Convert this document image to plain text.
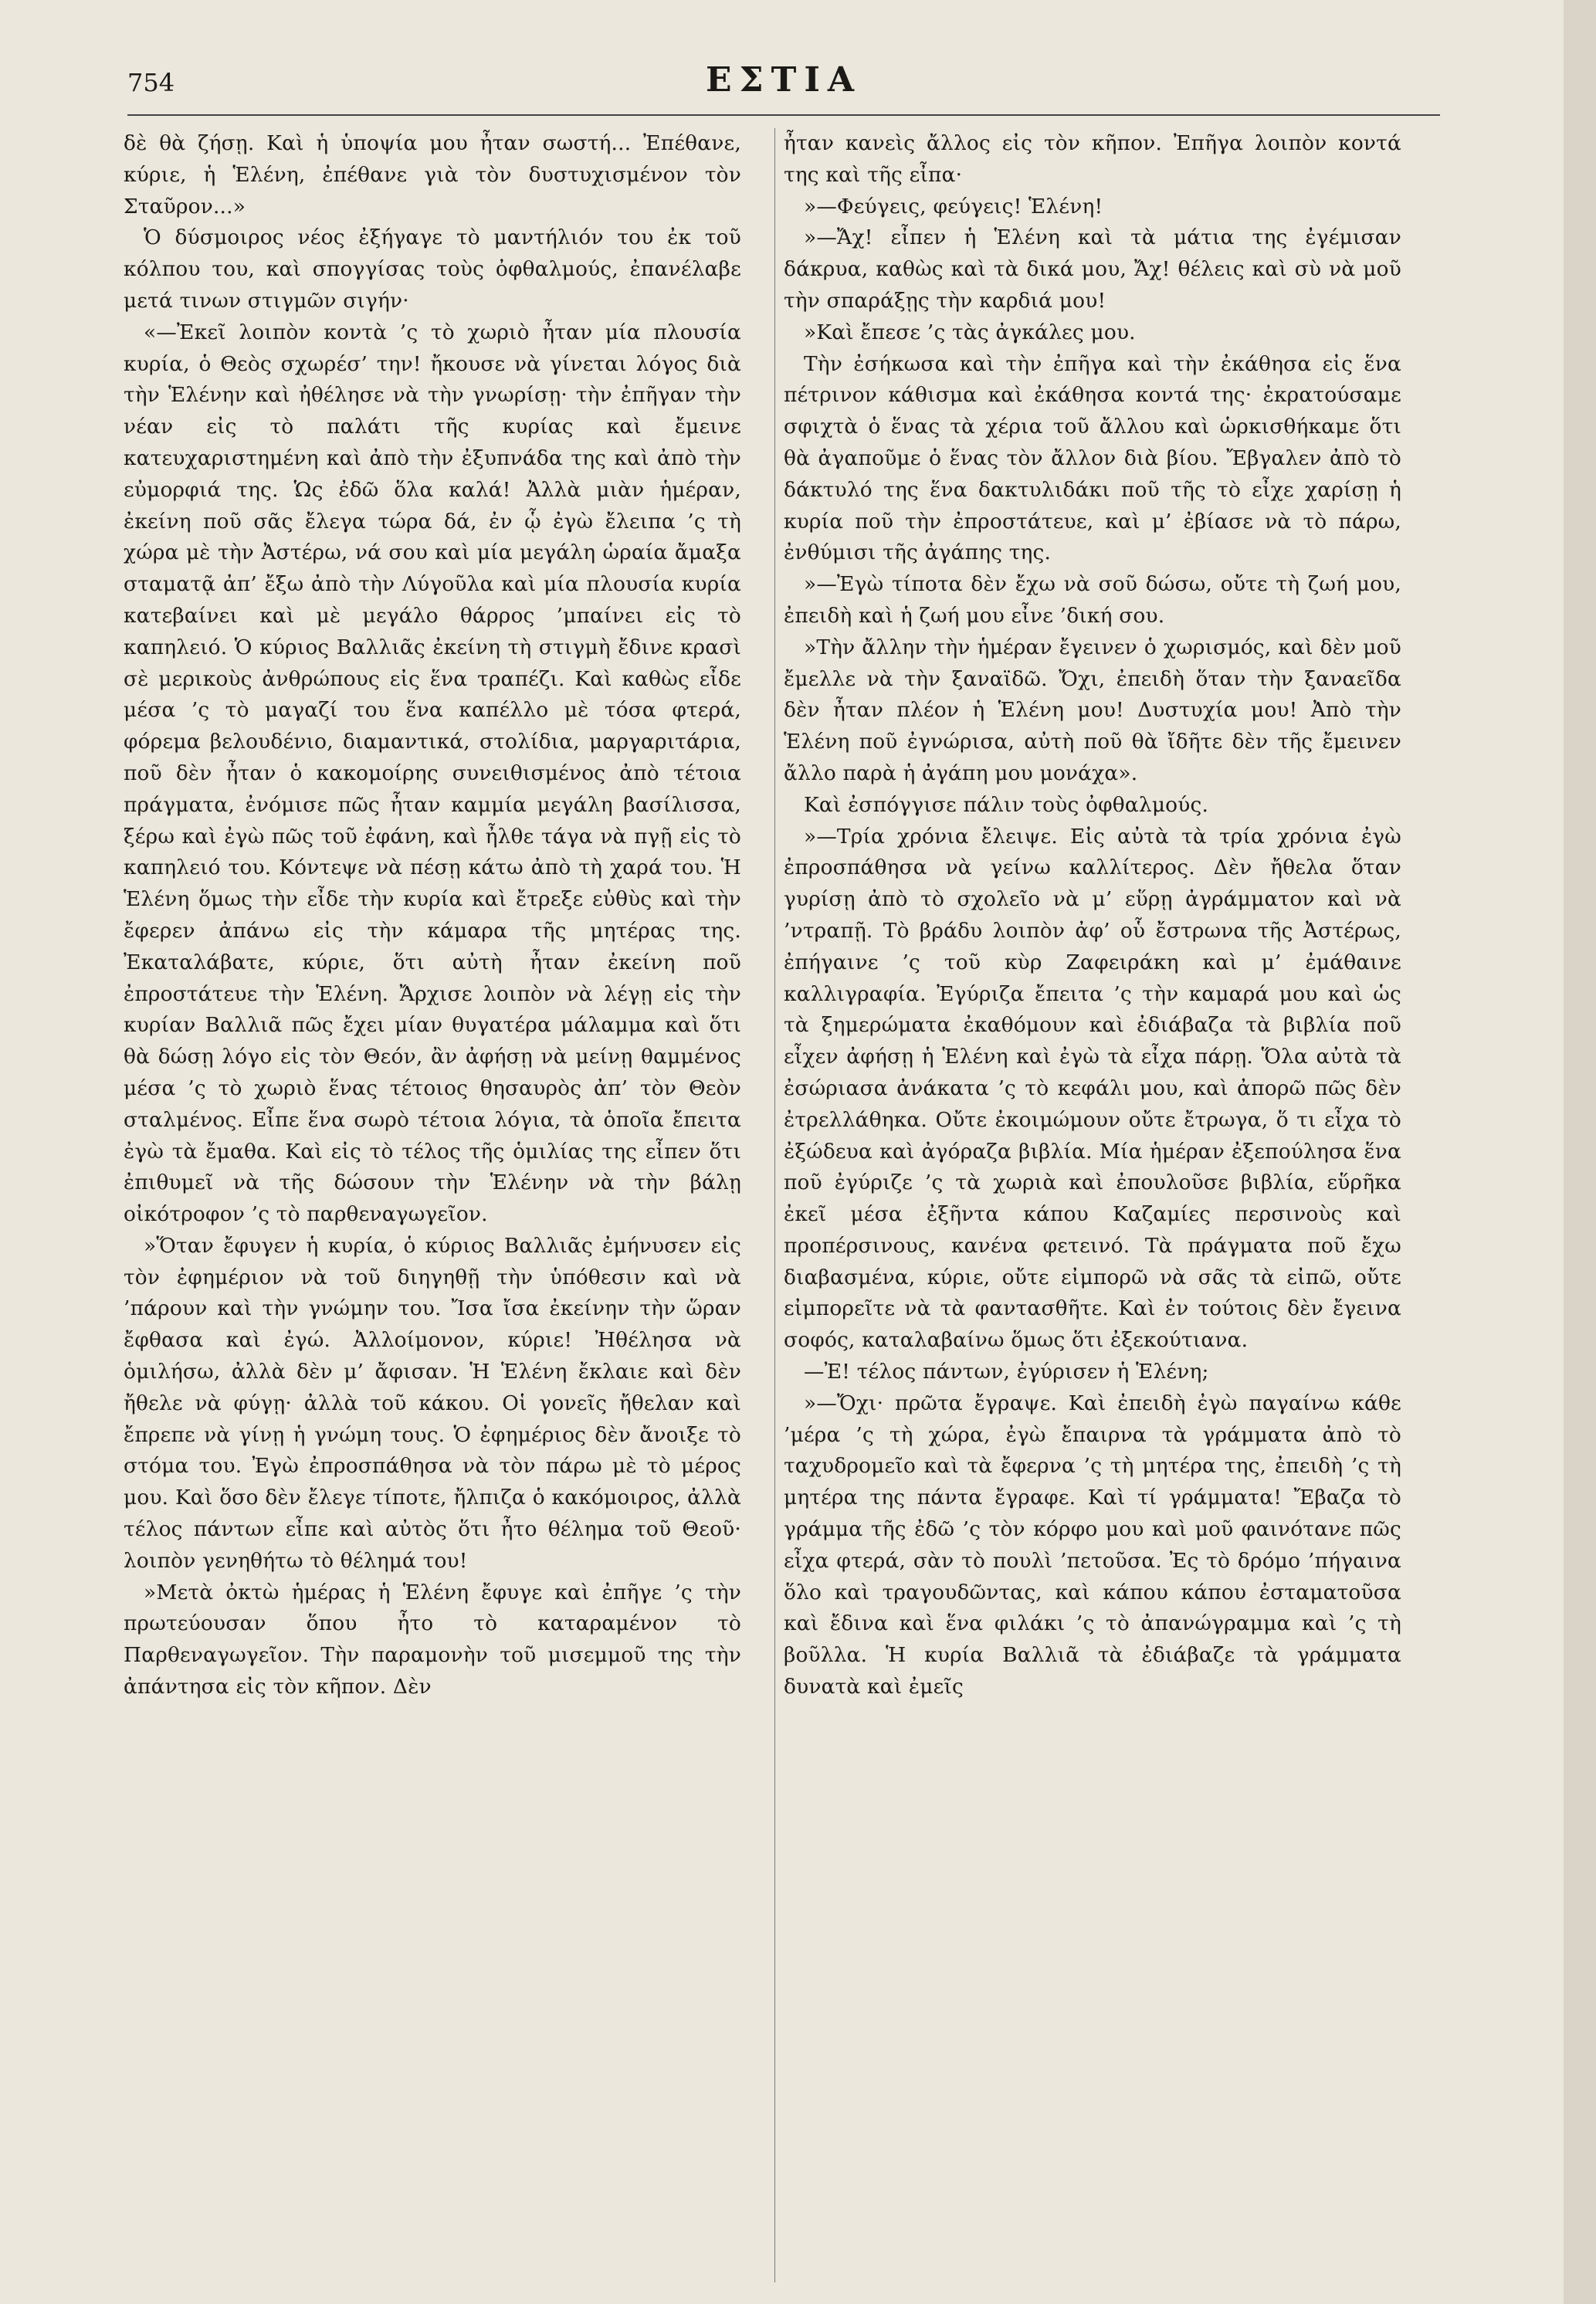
754	ΕΣΤΙΑ

δὲ θὰ ζήσῃ. Καὶ ἡ ὑποψία μου ἦταν σωστή... Ἐπέθανε, κύριε, ἡ Ἑλένη, ἐπέθανε γιὰ τὸν δυστυχισμένον τὸν Σταῦρον...»

Ὁ δύσμοιρος νέος ἐξήγαγε τὸ μαντήλιόν του ἐκ τοῦ κόλπου του, καὶ σπογγίσας τοὺς ὀφθαλμούς, ἐπανέλαβε μετά τινων στιγμῶν σιγήν·

«—Ἐκεῖ λοιπὸν κοντὰ ’ς τὸ χωριὸ ἦταν μία πλουσία κυρία, ὁ Θεὸς σχωρέσ’ την! ἤκουσε νὰ γίνεται λόγος διὰ τὴν Ἑλένην καὶ ἠθέλησε νὰ τὴν γνωρίσῃ· τὴν ἐπῆγαν τὴν νέαν εἰς τὸ παλάτι τῆς κυρίας καὶ ἔμεινε κατευχαριστημένη καὶ ἀπὸ τὴν ἐξυπνάδα της καὶ ἀπὸ τὴν εὐμορφιά της. Ὡς ἐδῶ ὅλα καλά! Ἀλλὰ μιὰν ἡμέραν, ἐκείνη ποῦ σᾶς ἔλεγα τώρα δά, ἐν ᾧ ἐγὼ ἔλειπα ’ς τὴ χώρα μὲ τὴν Ἀστέρω, νά σου καὶ μία μεγάλη ὡραία ἄμαξα σταματᾷ ἀπ’ ἔξω ἀπὸ τὴν Λύγοῦλα καὶ μία πλουσία κυρία κατεβαίνει καὶ μὲ μεγάλο θάρρος ’μπαίνει εἰς τὸ καπηλειό. Ὁ κύριος Βαλλιᾶς ἐκείνη τὴ στιγμὴ ἔδινε κρασὶ σὲ μερικοὺς ἀνθρώπους εἰς ἕνα τραπέζι. Καὶ καθὼς εἶδε μέσα ’ς τὸ μαγαζί του ἕνα καπέλλο μὲ τόσα φτερά, φόρεμα βελουδένιο, διαμαντικά, στολίδια, μαργαριτάρια, ποῦ δὲν ἦταν ὁ κακομοίρης συνειθισμένος ἀπὸ τέτοια πράγματα, ἐνόμισε πῶς ἦταν καμμία μεγάλη βασίλισσα, ξέρω καὶ ἐγὼ πῶς τοῦ ἐφάνη, καὶ ἦλθε τάγα νὰ πγῇ εἰς τὸ καπηλειό του. Κόντεψε νὰ πέσῃ κάτω ἀπὸ τὴ χαρά του. Ἡ Ἑλένη ὅμως τὴν εἶδε τὴν κυρία καὶ ἔτρεξε εὐθὺς καὶ τὴν ἔφερεν ἀπάνω εἰς τὴν κάμαρα τῆς μητέρας της. Ἐκαταλάβατε, κύριε, ὅτι αὐτὴ ἦταν ἐκείνη ποῦ ἐπροστάτευε τὴν Ἑλένη. Ἄρχισε λοιπὸν νὰ λέγῃ εἰς τὴν κυρίαν Βαλλιᾶ πῶς ἔχει μίαν θυγατέρα μάλαμμα καὶ ὅτι θὰ δώσῃ λόγο εἰς τὸν Θεόν, ἂν ἀφήσῃ νὰ μείνῃ θαμμένος μέσα ’ς τὸ χωριὸ ἕνας τέτοιος θησαυρὸς ἀπ’ τὸν Θεὸν σταλμένος. Εἶπε ἕνα σωρὸ τέτοια λόγια, τὰ ὁποῖα ἔπειτα ἐγὼ τὰ ἔμαθα. Καὶ εἰς τὸ τέλος τῆς ὁμιλίας της εἶπεν ὅτι ἐπιθυμεῖ νὰ τῆς δώσουν τὴν Ἑλένην νὰ τὴν βάλῃ οἰκότροφον ’ς τὸ παρθεναγωγεῖον.

»Ὅταν ἔφυγεν ἡ κυρία, ὁ κύριος Βαλλιᾶς ἐμήνυσεν εἰς τὸν ἐφημέριον νὰ τοῦ διηγηθῇ τὴν ὑπόθεσιν καὶ νὰ ’πάρουν καὶ τὴν γνώμην του. Ἴσα ἴσα ἐκείνην τὴν ὥραν ἔφθασα καὶ ἐγώ. Ἀλλοίμονον, κύριε! Ἠθέλησα νὰ ὁμιλήσω, ἀλλὰ δὲν μ’ ἄφισαν. Ἡ Ἑλένη ἔκλαιε καὶ δὲν ἤθελε νὰ φύγῃ· ἀλλὰ τοῦ κάκου. Οἱ γονεῖς ἤθελαν καὶ ἔπρεπε νὰ γίνῃ ἡ γνώμη τους. Ὁ ἐφημέριος δὲν ἄνοιξε τὸ στόμα του. Ἐγὼ ἐπροσπάθησα νὰ τὸν πάρω μὲ τὸ μέρος μου. Καὶ ὅσο δὲν ἔλεγε τίποτε, ἤλπιζα ὁ κακόμοιρος, ἀλλὰ τέλος πάντων εἶπε καὶ αὐτὸς ὅτι ἦτο θέλημα τοῦ Θεοῦ· λοιπὸν γενηθήτω τὸ θέλημά του!

»Μετὰ ὀκτὼ ἡμέρας ἡ Ἑλένη ἔφυγε καὶ ἐπῆγε ’ς τὴν πρωτεύουσαν ὅπου ἦτο τὸ καταραμένον τὸ Παρθεναγωγεῖον. Τὴν παραμονὴν τοῦ μισεμμοῦ της τὴν ἀπάντησα εἰς τὸν κῆπον. Δὲν

ἦταν κανεὶς ἄλλος εἰς τὸν κῆπον. Ἐπῆγα λοιπὸν κοντά της καὶ τῆς εἶπα·

»—Φεύγεις, φεύγεις! Ἑλένη!

»—Ἄχ! εἶπεν ἡ Ἑλένη καὶ τὰ μάτια της ἐγέμισαν δάκρυα, καθὼς καὶ τὰ δικά μου, Ἄχ! θέλεις καὶ σὺ νὰ μοῦ τὴν σπαράξῃς τὴν καρδιά μου!

»Καὶ ἔπεσε ’ς τὰς ἀγκάλες μου.

Τὴν ἐσήκωσα καὶ τὴν ἐπῆγα καὶ τὴν ἐκάθησα εἰς ἕνα πέτρινον κάθισμα καὶ ἐκάθησα κοντά της· ἐκρατούσαμε σφιχτὰ ὁ ἕνας τὰ χέρια τοῦ ἄλλου καὶ ὡρκισθήκαμε ὅτι θὰ ἀγαποῦμε ὁ ἕνας τὸν ἄλλον διὰ βίου. Ἔβγαλεν ἀπὸ τὸ δάκτυλό της ἕνα δακτυλιδάκι ποῦ τῆς τὸ εἶχε χαρίσῃ ἡ κυρία ποῦ τὴν ἐπροστάτευε, καὶ μ’ ἐβίασε νὰ τὸ πάρω, ἐνθύμισι τῆς ἀγάπης της.

»—Ἐγὼ τίποτα δὲν ἔχω νὰ σοῦ δώσω, οὔτε τὴ ζωή μου, ἐπειδὴ καὶ ἡ ζωή μου εἶνε ’δική σου.

»Τὴν ἄλλην τὴν ἡμέραν ἔγεινεν ὁ χωρισμός, καὶ δὲν μοῦ ἔμελλε νὰ τὴν ξαναϊδῶ. Ὄχι, ἐπειδὴ ὅταν τὴν ξαναεῖδα δὲν ἦταν πλέον ἡ Ἑλένη μου! Δυστυχία μου! Ἀπὸ τὴν Ἑλένη ποῦ ἐγνώρισα, αὐτὴ ποῦ θὰ ἴδῆτε δὲν τῆς ἔμεινεν ἄλλο παρὰ ἡ ἀγάπη μου μονάχα».

Καὶ ἐσπόγγισε πάλιν τοὺς ὀφθαλμούς.

»—Τρία χρόνια ἔλειψε. Εἰς αὐτὰ τὰ τρία χρόνια ἐγὼ ἐπροσπάθησα νὰ γείνω καλλίτερος. Δὲν ἤθελα ὅταν γυρίσῃ ἀπὸ τὸ σχολεῖο νὰ μ’ εὕρῃ ἀγράμματον καὶ νὰ ’ντραπῇ. Τὸ βράδυ λοιπὸν ἀφ’ οὗ ἔστρωνα τῆς Ἀστέρως, ἐπήγαινε ’ς τοῦ κὺρ Ζαφειράκη καὶ μ’ ἐμάθαινε καλλιγραφία. Ἐγύριζα ἔπειτα ’ς τὴν καμαρά μου καὶ ὡς τὰ ξημερώματα ἐκαθόμουν καὶ ἐδιάβαζα τὰ βιβλία ποῦ εἶχεν ἀφήσῃ ἡ Ἑλένη καὶ ἐγὼ τὰ εἶχα πάρῃ. Ὅλα αὐτὰ τὰ ἐσώριασα ἀνάκατα ’ς τὸ κεφάλι μου, καὶ ἀπορῶ πῶς δὲν ἐτρελλάθηκα. Οὔτε ἐκοιμώμουν οὔτε ἔτρωγα, ὅ τι εἶχα τὸ ἐξώδευα καὶ ἀγόραζα βιβλία. Μία ἡμέραν ἐξεπούλησα ἕνα ποῦ ἐγύριζε ’ς τὰ χωριὰ καὶ ἐπουλοῦσε βιβλία, εὕρῆκα ἐκεῖ μέσα ἐξῆντα κάπου Καζαμίες περσινοὺς καὶ προπέρσινους, κανένα φετεινό. Τὰ πράγματα ποῦ ἔχω διαβασμένα, κύριε, οὔτε εἰμπορῶ νὰ σᾶς τὰ εἰπῶ, οὔτε εἰμπορεῖτε νὰ τὰ φαντασθῆτε. Καὶ ἐν τούτοις δὲν ἔγεινα σοφός, καταλαβαίνω ὅμως ὅτι ἐξεκούτιανα.

—Ἐ! τέλος πάντων, ἐγύρισεν ἡ Ἑλένη;

»—Ὄχι· πρῶτα ἔγραψε. Καὶ ἐπειδὴ ἐγὼ παγαίνω κάθε ’μέρα ’ς τὴ χώρα, ἐγὼ ἔπαιρνα τὰ γράμματα ἀπὸ τὸ ταχυδρομεῖο καὶ τὰ ἔφερνα ’ς τὴ μητέρα της, ἐπειδὴ ’ς τὴ μητέρα της πάντα ἔγραφε. Καὶ τί γράμματα! Ἔβαζα τὸ γράμμα τῆς ἐδῶ ’ς τὸν κόρφο μου καὶ μοῦ φαινότανε πῶς εἶχα φτερά, σὰν τὸ πουλὶ ’πετοῦσα. Ἐς τὸ δρόμο ’πήγαινα ὅλο καὶ τραγουδῶντας, καὶ κάπου κάπου ἐσταματοῦσα καὶ ἔδινα καὶ ἕνα φιλάκι ’ς τὸ ἀπανώγραμμα καὶ ’ς τὴ βοῦλλα. Ἡ κυρία Βαλλιᾶ τὰ ἐδιάβαζε τὰ γράμματα δυνατὰ καὶ ἐμεῖς
